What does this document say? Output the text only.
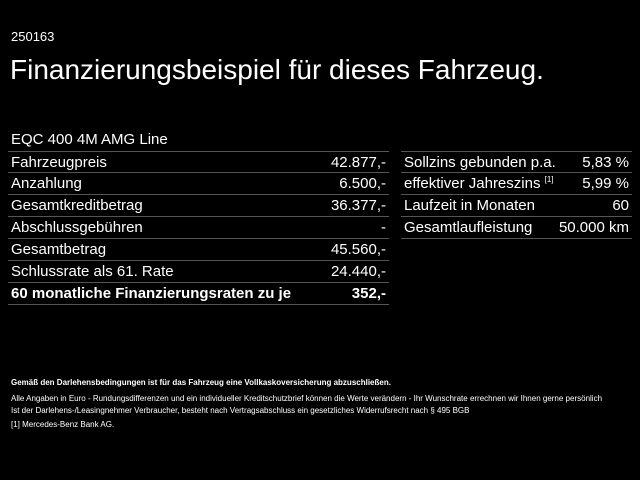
250163
Finanzierungsbeispiel für dieses Fahrzeug.
EQC 400 4M AMG Line
Fahrzeugpreis	42.877,-
Anzahlung	6.500,-
Gesamtkreditbetrag	36.377,-
Abschlussgebühren	-
Gesamtbetrag	45.560,-
Schlussrate als 61. Rate	24.440,-
60 monatliche Finanzierungsraten zu je	352,-
Sollzins gebunden p.a. 5,83 %
effektiver Jahreszins [1] 5,99 %
Laufzeit in Monaten	60
Gesamtlaufleistung 50.000 km
Gemäß den Darlehensbedingungen ist für das Fahrzeug eine Vollkaskoversicherung abzuschließen.
Alle Angaben in Euro - Rundungsdifferenzen und ein individueller Kreditschutzbrief können die Werte verändern - Ihr Wunschrate errechnen wir Ihnen gerne persönlich
Ist der Darlehens-/Leasingnehmer Verbraucher, besteht nach Vertragsabschluss ein gesetzliches Widerrufsrecht nach § 495 BGB
[1] Mercedes-Benz Bank AG.
